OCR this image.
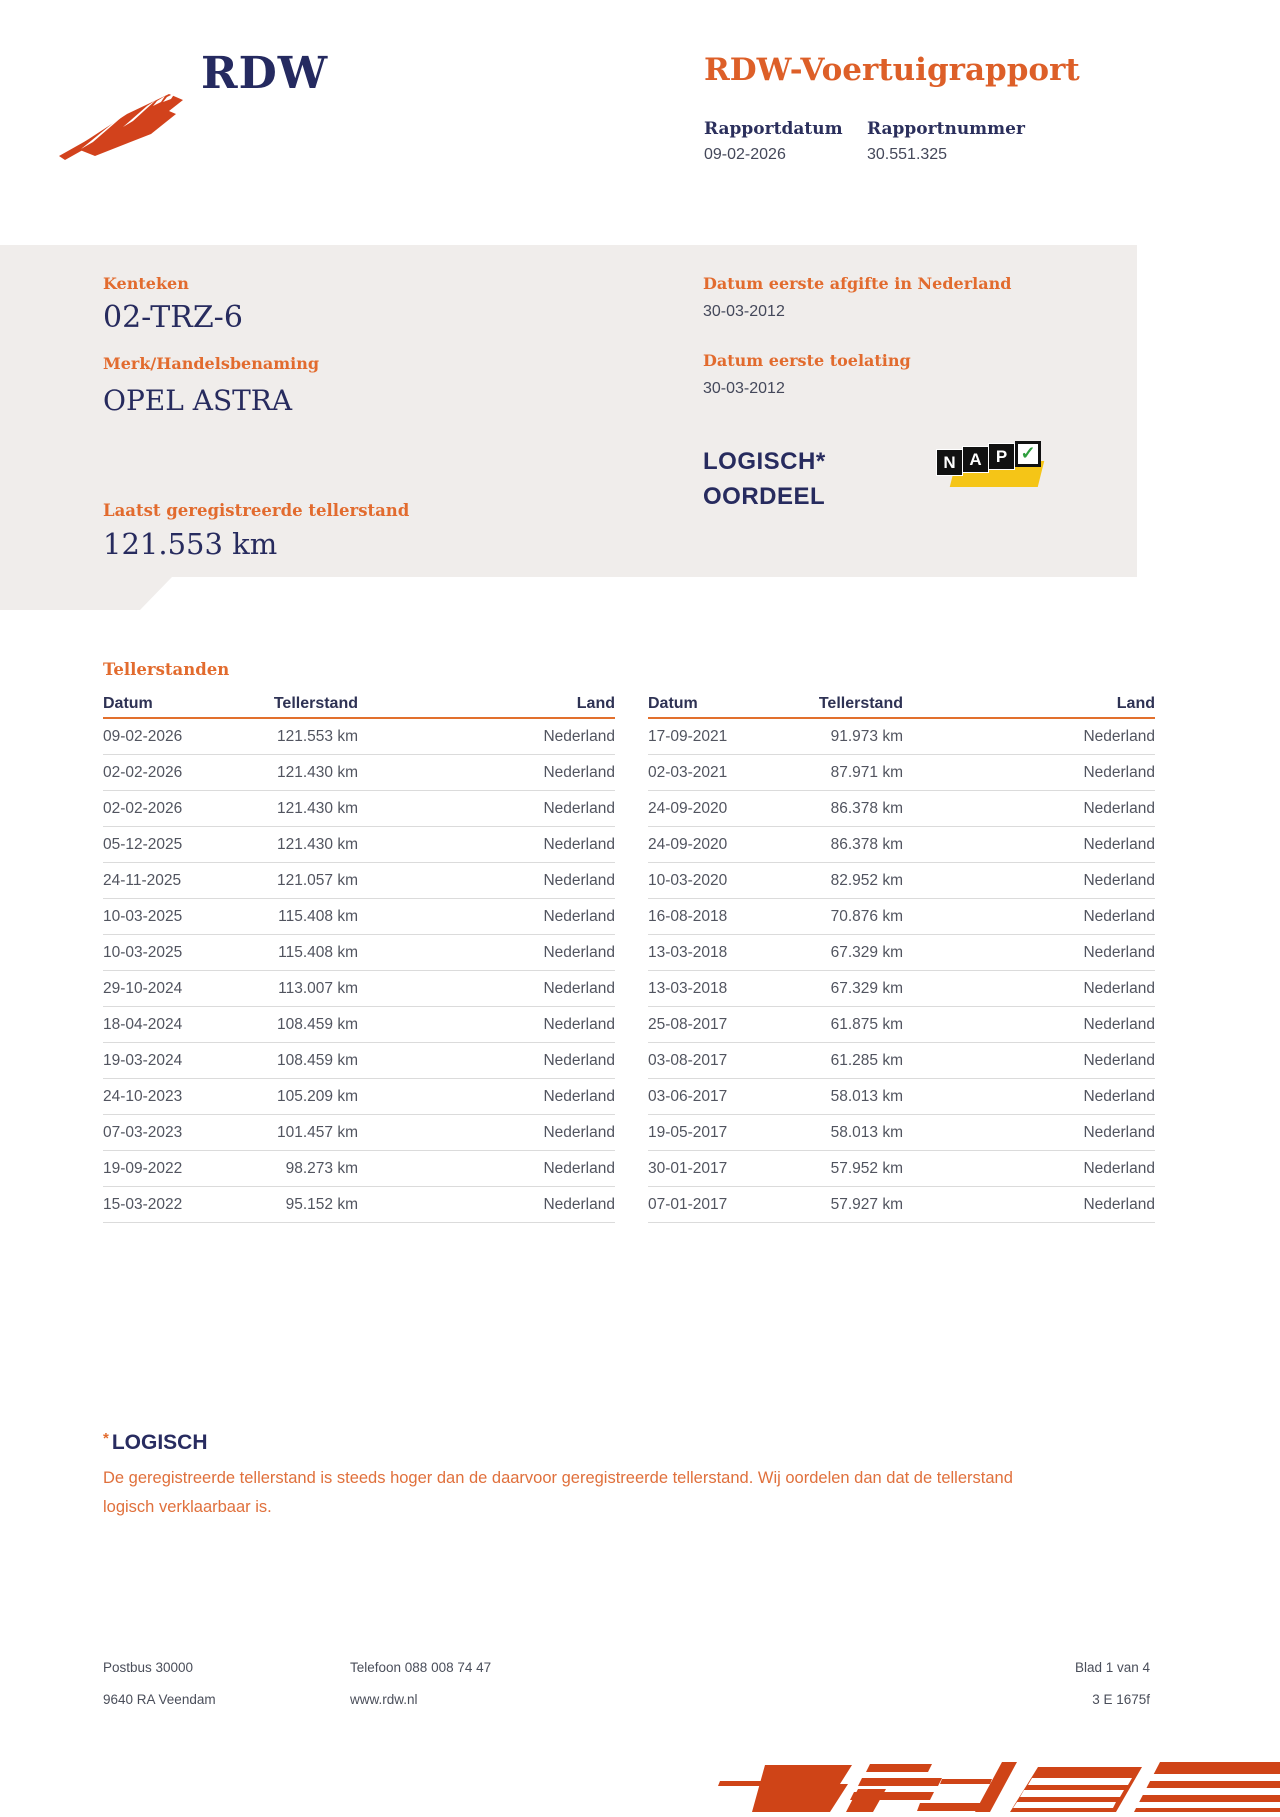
RDW	RDW-Voertuigrapport
Rapportdatum Rapportnummer
09-02-2026	30.551.325
Kenteken
02-TRZ-6
Merk/Handelsbenaming
OPEL ASTRA
Datum eerste afgifte in Nederland
30-03-2012
Datum eerste toelating
30-03-2012
LOGISCH*
OORDEEL
N A P ✓
Laatst geregistreerde tellerstand
121.553 km
Tellerstanden
Datum	Tellerstand	Land
09-02-2026	121.553 km	Nederland
02-02-2026	121.430 km	Nederland
02-02-2026	121.430 km	Nederland
05-12-2025	121.430 km	Nederland
24-11-2025	121.057 km	Nederland
10-03-2025	115.408 km	Nederland
10-03-2025	115.408 km	Nederland
29-10-2024	113.007 km	Nederland
18-04-2024	108.459 km	Nederland
19-03-2024	108.459 km	Nederland
24-10-2023	105.209 km	Nederland
07-03-2023	101.457 km	Nederland
19-09-2022	98.273 km	Nederland
15-03-2022	95.152 km	Nederland
Datum	Tellerstand	Land
17-09-2021	91.973 km	Nederland
02-03-2021	87.971 km	Nederland
24-09-2020	86.378 km	Nederland
24-09-2020	86.378 km	Nederland
10-03-2020	82.952 km	Nederland
16-08-2018	70.876 km	Nederland
13-03-2018	67.329 km	Nederland
13-03-2018	67.329 km	Nederland
25-08-2017	61.875 km	Nederland
03-08-2017	61.285 km	Nederland
03-06-2017	58.013 km	Nederland
19-05-2017	58.013 km	Nederland
30-01-2017	57.952 km	Nederland
07-01-2017	57.927 km	Nederland
* LOGISCH
De geregistreerde tellerstand is steeds hoger dan de daarvoor geregistreerde tellerstand. Wij oordelen dan dat de tellerstand logisch verklaarbaar is.
Postbus 30000
9640 RA Veendam
Telefoon 088 008 74 47
www.rdw.nl
Blad 1 van 4
3 E 1675f
